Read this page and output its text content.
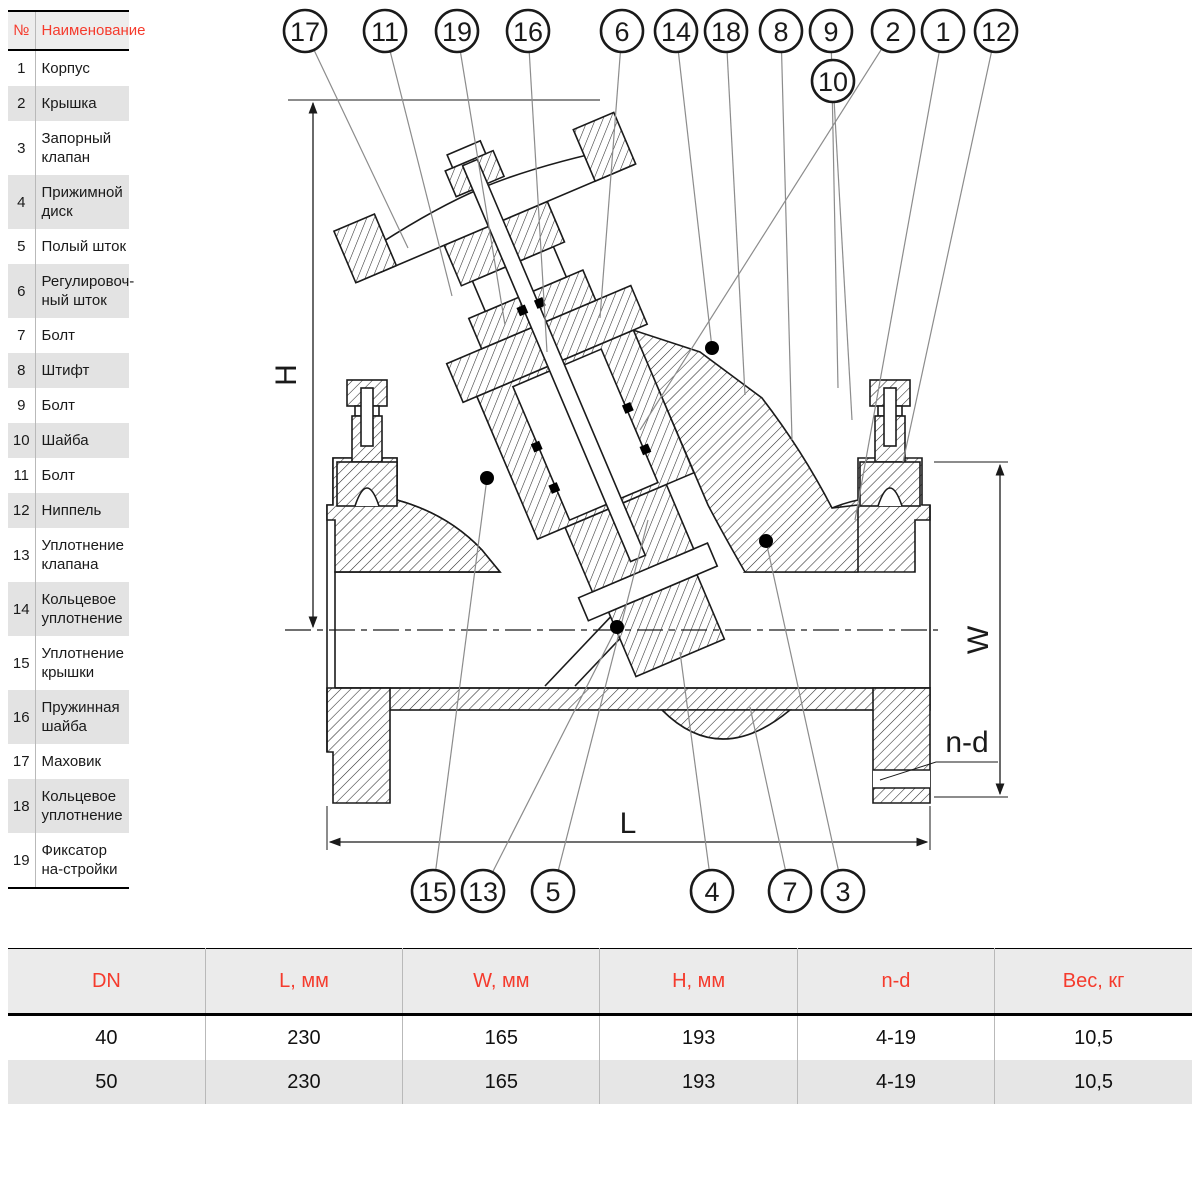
H
W
L
n-d
17 11 19 16	6 14 18 8 9 2 1 12
10
15 13 5	4 7 3
№	Наименование
1	Корпус
2	Крышка
3	Запорный клапан
4	Прижимной диск
5	Полый шток
6	Регулировоч-ный шток
7	Болт
8	Штифт
9	Болт
10	Шайба
11	Болт
12	Ниппель
13	Уплотнение клапана
14	Кольцевое уплотнение
15	Уплотнение крышки
16	Пружинная шайба
17	Маховик
18	Кольцевое уплотнение
19	Фиксатор на-стройки
DN	L, мм	W, мм	H, мм	n-d	Вес, кг
40	230	165	193	4-19	10,5
50	230	165	193	4-19	10,5
